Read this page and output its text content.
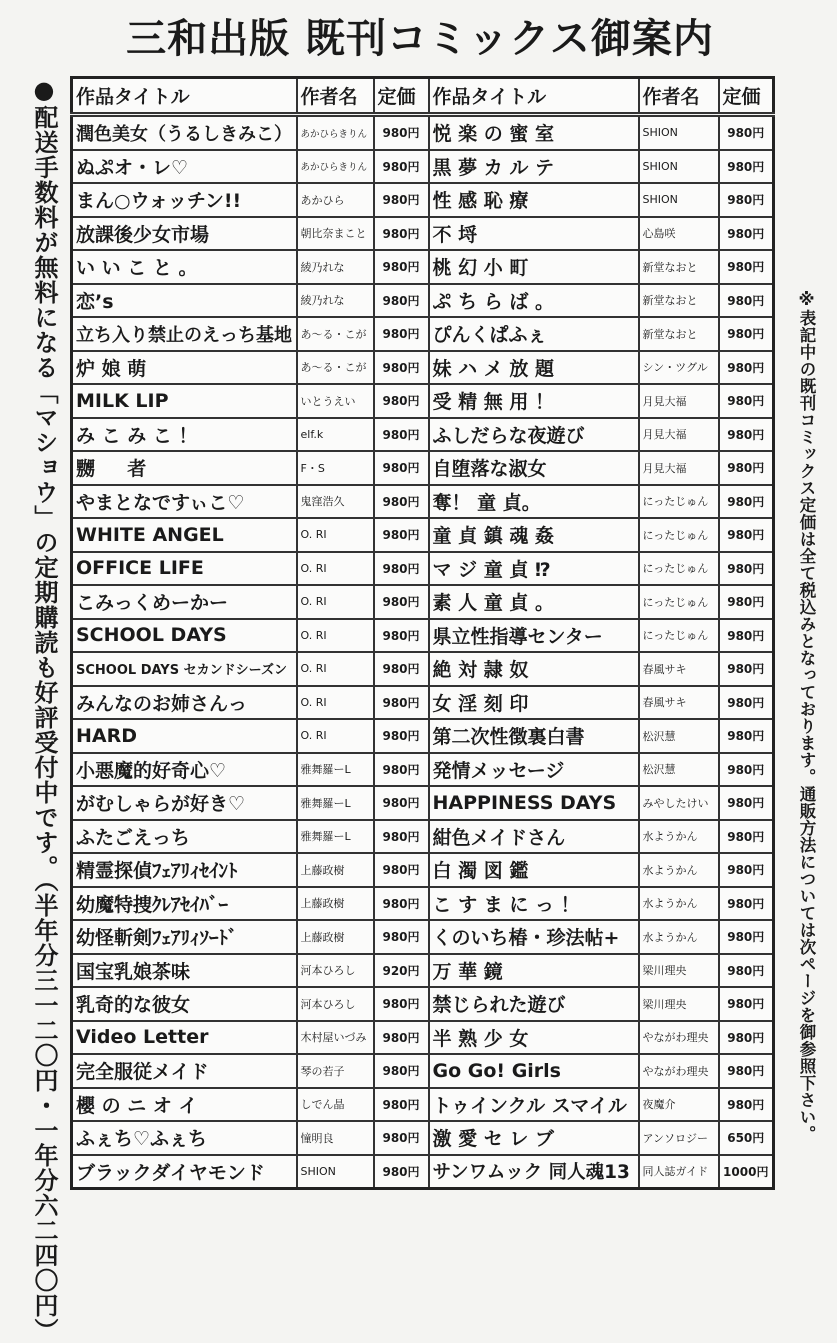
三和出版 既刊コミックス御案内
●配送手数料が無料になる「マショウ」の定期購読も好評受付中です。（半年分三一二〇円・一年分六二四〇円）	※表記中の既刊コミックス定価は全て税込みとなっております。通販方法については次ページを御参照下さい。
作品タイトル	作者名	定価	作品タイトル	作者名	定価
潤色美女（うるしきみこ）	あかひらきりん	980円	悦 楽 の 蜜 室	SHION	980円
ぬぷオ・レ♡	あかひらきりん	980円	黒 夢 カ ル テ	SHION	980円
まん○ウォッチン!!	あかひら	980円	性 感 恥 療	SHION	980円
放課後少女市場	朝比奈まこと	980円	不 埒	心島咲	980円
い い こ と 。	綾乃れな	980円	桃 幻 小 町	新堂なおと	980円
恋’s	綾乃れな	980円	ぷ ち ら ば 。	新堂なおと	980円
立ち入り禁止のえっち基地	あ～る・こが	980円	ぴんくぱふぇ	新堂なおと	980円
炉 娘 萌	あ～る・こが	980円	妹 ハ メ 放 題	シン・ツグル	980円
MILK LIP	いとうえい	980円	受 精 無 用 ！	月見大福	980円
み こ み こ ！	elf.k	980円	ふしだらな夜遊び	月見大福	980円
嬲 　 者	F・S	980円	自堕落な淑女	月見大福	980円
やまとなですぃこ♡	鬼窪浩久	980円	奪！ 童 貞。	にったじゅん	980円
WHITE ANGEL	O. RI	980円	童 貞 鎮 魂 姦	にったじゅん	980円
OFFICE LIFE	O. RI	980円	マ ジ 童 貞 ⁉	にったじゅん	980円
こみっくめーかー	O. RI	980円	素 人 童 貞 。	にったじゅん	980円
SCHOOL DAYS	O. RI	980円	県立性指導センター	にったじゅん	980円
SCHOOL DAYS セカンドシーズン	O. RI	980円	絶 対 隷 奴	春風サキ	980円
みんなのお姉さんっ	O. RI	980円	女 淫 刻 印	春風サキ	980円
HARD	O. RI	980円	第二次性徴裏白書	松沢慧	980円
小悪魔的好奇心♡	雅舞羅ーL	980円	発情メッセージ	松沢慧	980円
がむしゃらが好き♡	雅舞羅ーL	980円	HAPPINESS DAYS	みやしたけい	980円
ふたごえっち	雅舞羅ーL	980円	紺色メイドさん	水ようかん	980円
精霊探偵ﾌｪｱﾘｨｾｲﾝﾄ	上藤政樹	980円	白 濁 図 鑑	水ようかん	980円
幼魔特捜ｸﾚｱｾｲﾊﾞｰ	上藤政樹	980円	こ す ま に っ ！	水ようかん	980円
幼怪斬剣ﾌｪｱﾘｨｿｰﾄﾞ	上藤政樹	980円	くのいち椿・珍法帖+	水ようかん	980円
国宝乳娘茶味	河本ひろし	920円	万 華 鏡	梁川理央	980円
乳奇的な彼女	河本ひろし	980円	禁じられた遊び	梁川理央	980円
Video Letter	木村屋いづみ	980円	半 熟 少 女	やながわ理央	980円
完全服従メイド	琴の若子	980円	Go Go! Girls	やながわ理央	980円
櫻 の ニ オ イ	しでん晶	980円	トゥインクル スマイル	夜魔介	980円
ふぇち♡ふぇち	憧明良	980円	激 愛 セ レ ブ	アンソロジー	650円
ブラックダイヤモンド	SHION	980円	サンワムック 同人魂13	同人誌ガイド	1000円
